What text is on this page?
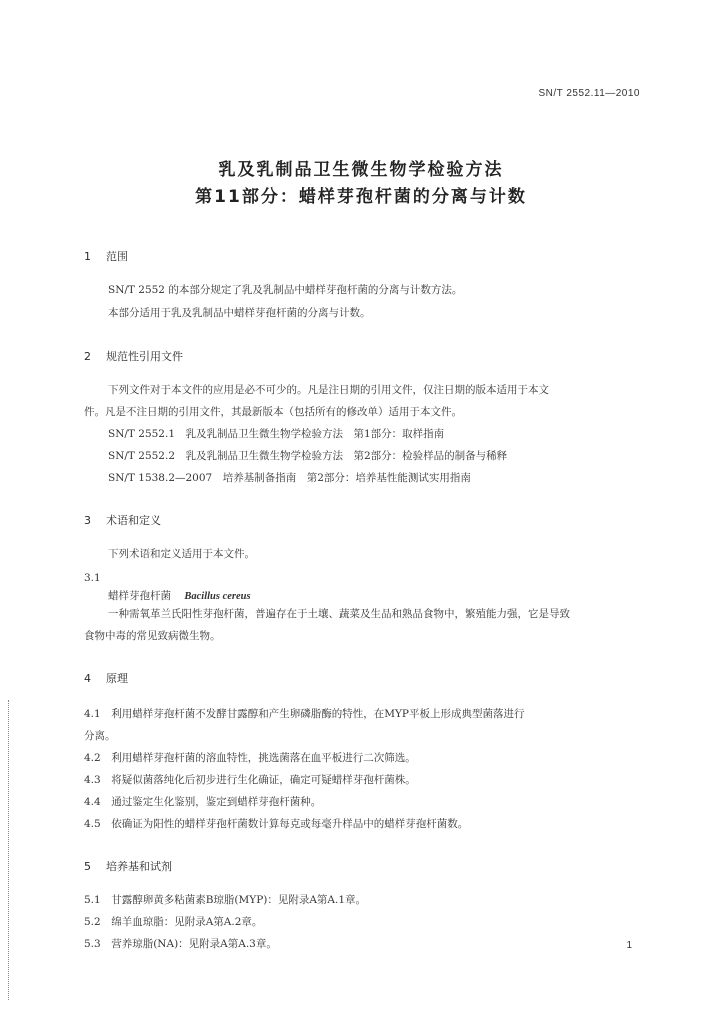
SN/T 2552.11—2010
乳及乳制品卫生微生物学检验方法
第11部分：蜡样芽孢杆菌的分离与计数
1 范围
SN/T 2552 的本部分规定了乳及乳制品中蜡样芽孢杆菌的分离与计数方法。
本部分适用于乳及乳制品中蜡样芽孢杆菌的分离与计数。
2 规范性引用文件
下列文件对于本文件的应用是必不可少的。凡是注日期的引用文件，仅注日期的版本适用于本文
件。凡是不注日期的引用文件，其最新版本（包括所有的修改单）适用于本文件。
SN/T 2552.1　乳及乳制品卫生微生物学检验方法　第1部分：取样指南
SN/T 2552.2　乳及乳制品卫生微生物学检验方法　第2部分：检验样品的制备与稀释
SN/T 1538.2—2007　培养基制备指南　第2部分：培养基性能测试实用指南
3 术语和定义
下列术语和定义适用于本文件。
3.1
蜡样芽孢杆菌 Bacillus cereus
一种需氧革兰氏阳性芽孢杆菌，普遍存在于土壤、蔬菜及生品和熟品食物中，繁殖能力强，它是导致
食物中毒的常见致病微生物。
4 原理
4.1　利用蜡样芽孢杆菌不发酵甘露醇和产生卵磷脂酶的特性，在MYP平板上形成典型菌落进行
分离。
4.2　利用蜡样芽孢杆菌的溶血特性，挑选菌落在血平板进行二次筛选。
4.3　将疑似菌落纯化后初步进行生化确证，确定可疑蜡样芽孢杆菌株。
4.4　通过鉴定生化鉴别，鉴定到蜡样芽孢杆菌种。
4.5　依确证为阳性的蜡样芽孢杆菌数计算每克或每毫升样品中的蜡样芽孢杆菌数。
5 培养基和试剂
5.1　甘露醇卵黄多粘菌素B琼脂(MYP)：见附录A第A.1章。
5.2　绵羊血琼脂：见附录A第A.2章。
5.3　营养琼脂(NA)：见附录A第A.3章。	1
